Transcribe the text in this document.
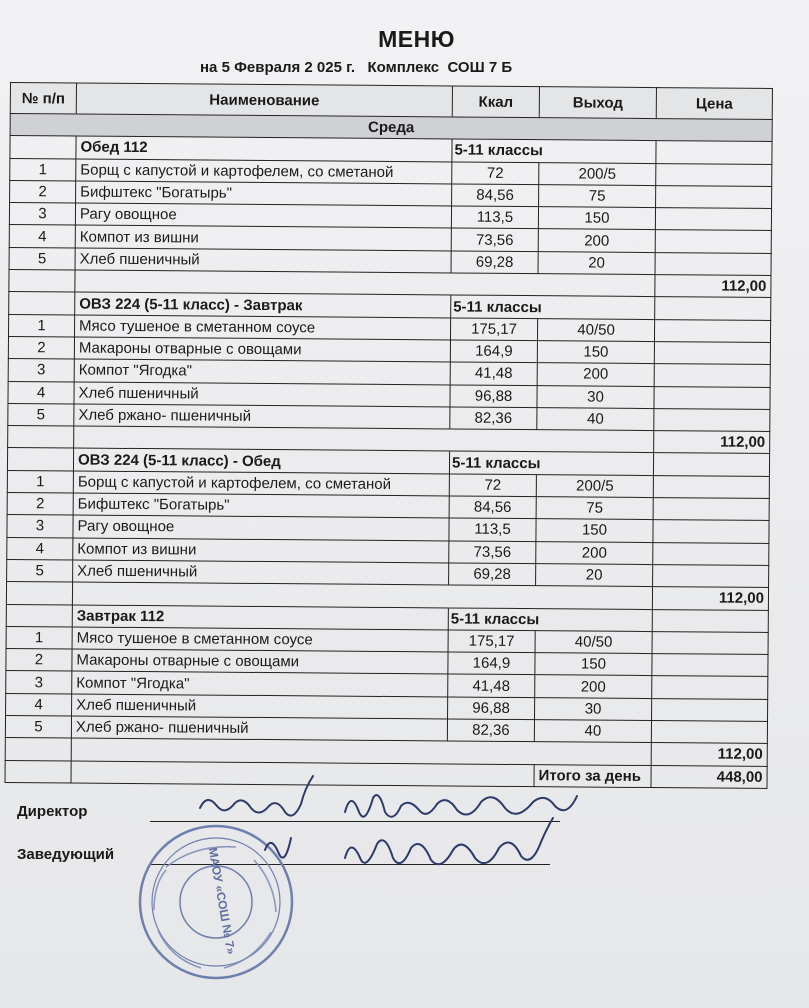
МЕНЮ
на 5 Февраля 2 025 г.   Комплекс  СОШ 7 Б
№ п/п	Наименование	Ккал	Выход	Цена
Среда				
	Обед 112	5-11 классы		
1	Борщ с капустой и картофелем, со сметаной	72	200/5	
2	Бифштекс "Богатырь"	84,56	75	
3	Рагу овощное	113,5	150	
4	Компот из вишни	73,56	200	
5	Хлеб пшеничный	69,28	20	
				112,00
	ОВЗ 224 (5-11 класс) - Завтрак	5-11 классы		
1	Мясо тушеное в сметанном соусе	175,17	40/50	
2	Макароны отварные с овощами	164,9	150	
3	Компот "Ягодка"	41,48	200	
4	Хлеб пшеничный	96,88	30	
5	Хлеб ржано- пшеничный	82,36	40	
				112,00
	ОВЗ 224 (5-11 класс) - Обед	5-11 классы		
1	Борщ с капустой и картофелем, со сметаной	72	200/5	
2	Бифштекс "Богатырь"	84,56	75	
3	Рагу овощное	113,5	150	
4	Компот из вишни	73,56	200	
5	Хлеб пшеничный	69,28	20	
				112,00
	Завтрак 112	5-11 классы		
1	Мясо тушеное в сметанном соусе	175,17	40/50	
2	Макароны отварные с овощами	164,9	150	
3	Компот "Ягодка"	41,48	200	
4	Хлеб пшеничный	96,88	30	
5	Хлеб ржано- пшеничный	82,36	40	
				112,00
			Итого за день	448,00
Директор
Заведующий	МАОУ «СОШ № 7»
